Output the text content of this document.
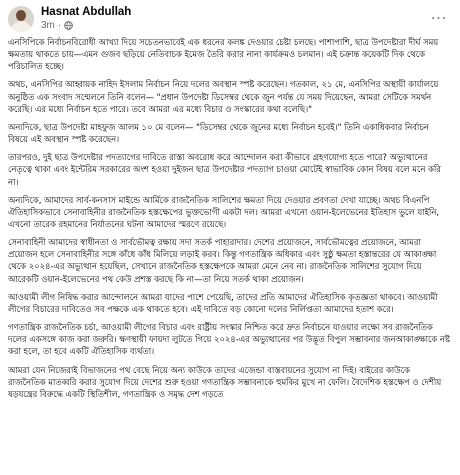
Hasnat Abdullah
3m ·	···

এনসিপিকে নির্বাচনবিরোধী আখ্যা দিয়ে সচেতনভাবেই এক ধরনের কলঙ্ক দেওয়ার চেষ্টা চলছে। পাশাপাশি, ছাত্র উপদেষ্টারা দীর্ঘ সময় ক্ষমতায় থাকতে চায়—এমন গুজব ছড়িয়ে নেতিবাচক ইমেজ তৈরি করার নানা কার্যক্রমও চলমান। এই চক্রান্ত কয়েকটি দিক থেকে পরিচালিত হচ্ছে।

অথচ, এনসিপির আহ্বায়ক নাহিদ ইসলাম নির্বাচন নিয়ে দলের অবস্থান স্পষ্ট করেছেন। গতকাল, ২১ মে, এনসিপির অস্থায়ী কার্যালয়ে অনুষ্ঠিত এক সংবাদ সম্মেলনে তিনি বলেন— "প্রধান উপদেষ্টা ডিসেম্বর থেকে জুন পর্যন্ত যে সময় দিয়েছেন, আমরা সেটিকে সমর্থন করেছি। এর মধ্যে নির্বাচন হতে পারে। তবে আমরা এর মধ্যে বিচার ও সংস্কারের কথা বলেছি।"

অন্যদিকে, ছাত্র উপদেষ্টা মাহফুজ আলম ১০ মে বলেন— "ডিসেম্বর থেকে জুনের মধ্যে নির্বাচন হবেই।" তিনি একাধিকবার নির্বাচন বিষয়ে এই অবস্থান স্পষ্ট করেছেন।

তারপরও, দুই ছাত্র উপদেষ্টার পদত্যাগের দাবিতে রাস্তা অবরোধ করে আন্দোলন করা কীভাবে গ্রহণযোগ্য হতে পারে? অভ্যুত্থানের নেতৃত্বে থাকা এবং ইন্টেরিম সরকারের অংশ হওয়া দুইজন ছাত্র উপদেষ্টার পদত্যাগ চাওয়া মোটেই স্বাভাবিক কোন বিষয় বলে মনে করি না।

অন্যদিকে, আমাদের সার্ব-কনসাস মাইন্ডে আর্মিকে রাজনৈতিক সালিশের ক্ষমতা দিয়ে দেওয়ার প্রবণতা দেখা যাচ্ছে। অথচ বিএনপি ঐতিহাসিকভাবে সেনাবাহিনীর রাজনৈতিক হস্তক্ষেপের ভুক্তভোগী একটা দল। আমরা এখনো ওয়ান-ইলেভেনের ইতিহাস ভুলে যাইনি, এখনো তারেক রহমানের নির্যাতনের ঘটনা আমাদের স্মরণে রয়েছে।

সেনাবাহিনী আমাদের স্বাধীনতা ও সার্বভৌমত্ব রক্ষায় সদা সতর্ক পাহারাদার। দেশের প্রয়োজনে, সার্বভৌমত্বের প্রয়োজনে, আমরা প্রয়োজন হলে সেনাবাহিনীর সঙ্গে কাঁধে কাঁধ মিলিয়ে লড়াই করব। কিন্তু গণতান্ত্রিক অধিকার এবং সুষ্ঠু ক্ষমতা হস্তান্তরের যে আকাঙ্ক্ষা থেকে ২০২৪-এর অভ্যুত্থান হয়েছিল, সেখানে রাজনৈতিক হস্তক্ষেপকে আমরা মেনে নেব না। রাজনৈতিক সালিশের সুযোগ দিয়ে আরেকটি ওয়ান-ইলেভেনের পথ কেউ প্রশস্ত করছে কি না—তা নিয়ে সতর্ক থাকা প্রয়োজন।

আওয়ামী লীগ নিষিদ্ধ করার আন্দোলনে আমরা যাদের পাশে পেয়েছি, তাদের প্রতি আমাদের ঐতিহাসিক কৃতজ্ঞতা থাকবে। আওয়ামী লীগের বিচারের দাবিতেও সব পক্ষকে এক থাকতে হবে। এই দাবিতে বড় কোনো দলের নির্লিপ্ততা আমাদের হতাশ করে।

গণতান্ত্রিক রাজনৈতিক চর্চা, আওয়ামী লীগের বিচার এবং রাষ্ট্রীয় সংস্কার নিশ্চিত করে দ্রুত নির্বাচনে যাওয়ার লক্ষ্যে সব রাজনৈতিক দলের একসঙ্গে কাজ করা জরুরি। ক্ষণস্থায়ী ফায়দা লুটতে গিয়ে ২০২৪-এর অভ্যুত্থানের পর উদ্ভূত বিপুল সম্ভাবনার জনআকাঙ্ক্ষাকে নষ্ট করা হলে, তা হবে একটি ঐতিহাসিক ব্যর্থতা।

আমরা যেন নিজেরাই বিভাজনের পথ বেছে নিয়ে অন্য কাউকে তাদের এজেন্ডা বাস্তবায়নের সুযোগ না দিই। বাইরের কাউকে রাজনৈতিক মাতব্বরি করার সুযোগ দিয়ে দেশের শুরু হওয়া গণতান্ত্রিক সম্ভাবনাকে হুমকির মুখে না ফেলি। বৈদেশিক হস্তক্ষেপ ও দেশীয় ষড়যন্ত্রের বিরুদ্ধে একটি স্থিতিশীল, গণতান্ত্রিক ও সমৃদ্ধ দেশ গড়তে
